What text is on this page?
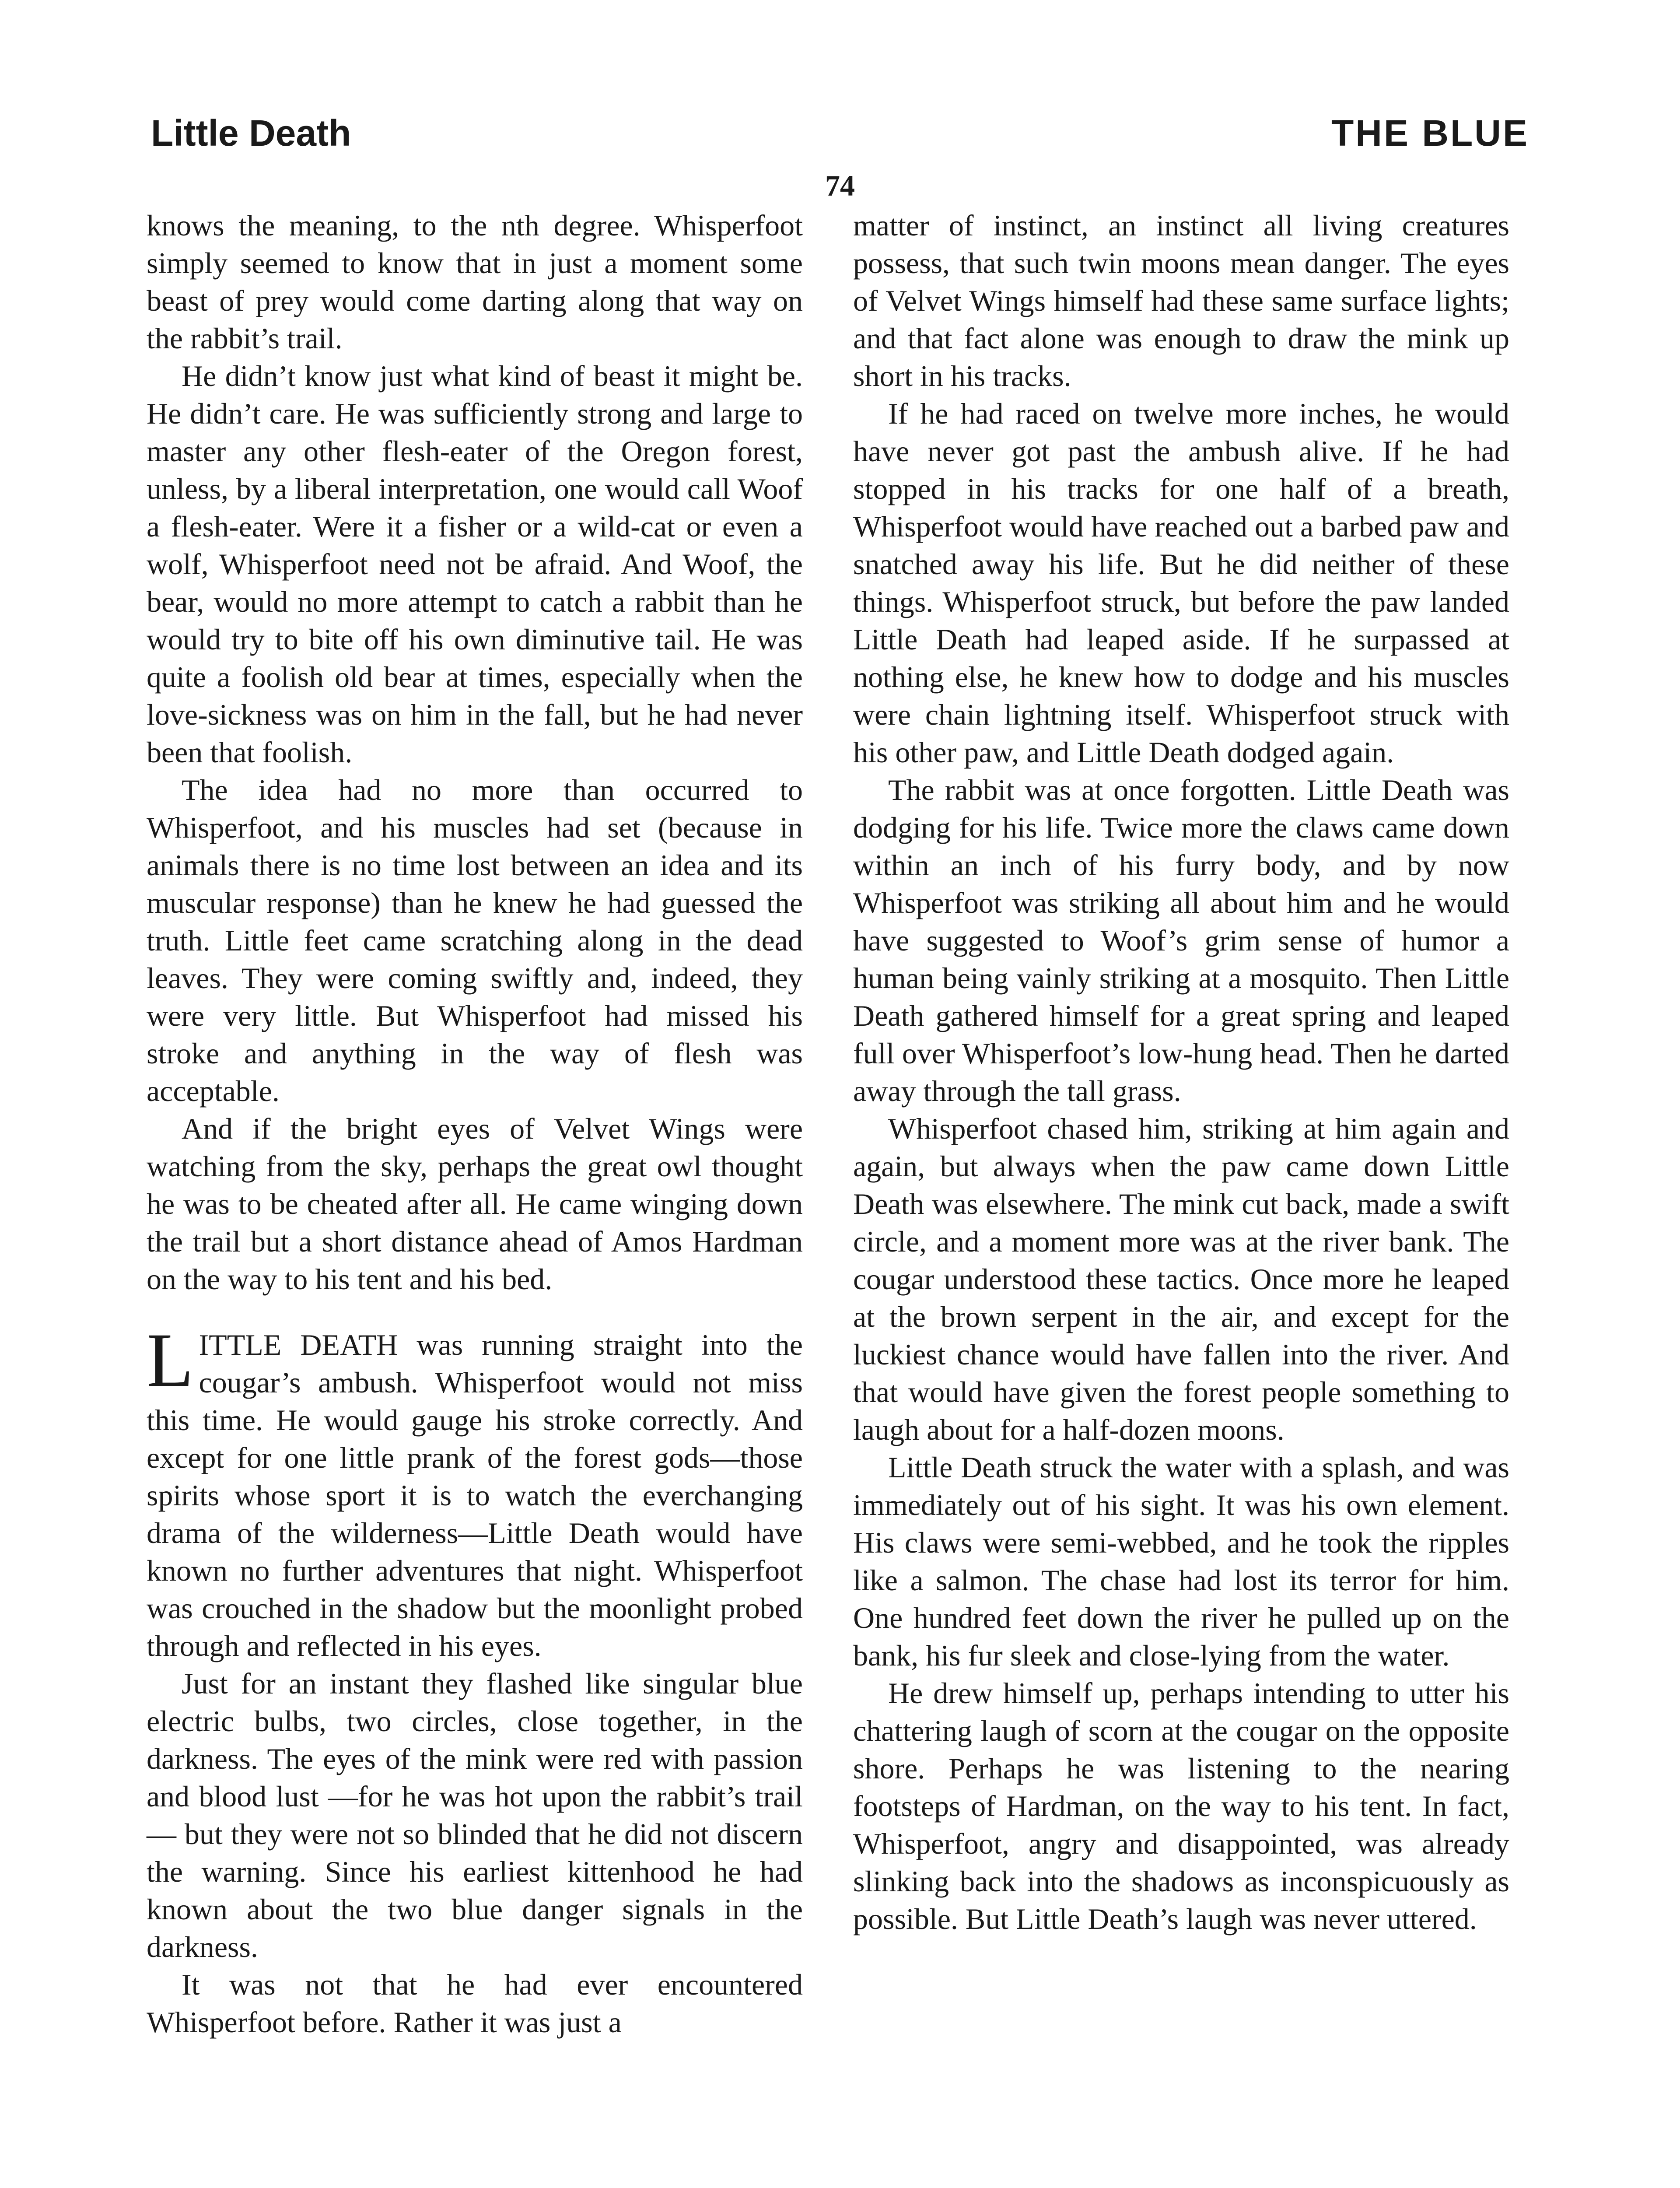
Little Death	THE BLUE
74

knows the meaning, to the nth degree. Whisperfoot simply seemed to know that in just a moment some beast of prey would come darting along that way on the rabbit’s trail.

He didn’t know just what kind of beast it might be. He didn’t care. He was sufficiently strong and large to master any other flesh-eater of the Oregon forest, unless, by a liberal interpretation, one would call Woof a flesh-eater. Were it a fisher or a wild-cat or even a wolf, Whisperfoot need not be afraid. And Woof, the bear, would no more attempt to catch a rabbit than he would try to bite off his own diminutive tail. He was quite a foolish old bear at times, especially when the love-sickness was on him in the fall, but he had never been that foolish.

The idea had no more than occurred to Whisperfoot, and his muscles had set (because in animals there is no time lost between an idea and its muscular response) than he knew he had guessed the truth. Little feet came scratching along in the dead leaves. They were coming swiftly and, indeed, they were very little. But Whisperfoot had missed his stroke and anything in the way of flesh was acceptable.

And if the bright eyes of Velvet Wings were watching from the sky, perhaps the great owl thought he was to be cheated after all. He came winging down the trail but a short distance ahead of Amos Hardman on the way to his tent and his bed.

LITTLE DEATH was running straight into the cougar’s ambush. Whisperfoot would not miss this time. He would gauge his stroke correctly. And except for one little prank of the forest gods—those spirits whose sport it is to watch the everchanging drama of the wilderness—Little Death would have known no further adventures that night. Whisperfoot was crouched in the shadow but the moonlight probed through and reflected in his eyes.

Just for an instant they flashed like singular blue electric bulbs, two circles, close together, in the darkness. The eyes of the mink were red with passion and blood lust —for he was hot upon the rabbit’s trail— but they were not so blinded that he did not discern the warning. Since his earliest kittenhood he had known about the two blue danger signals in the darkness.

It was not that he had ever encountered Whisperfoot before. Rather it was just a

matter of instinct, an instinct all living creatures possess, that such twin moons mean danger. The eyes of Velvet Wings himself had these same surface lights; and that fact alone was enough to draw the mink up short in his tracks.

If he had raced on twelve more inches, he would have never got past the ambush alive. If he had stopped in his tracks for one half of a breath, Whisperfoot would have reached out a barbed paw and snatched away his life. But he did neither of these things. Whisperfoot struck, but before the paw landed Little Death had leaped aside. If he surpassed at nothing else, he knew how to dodge and his muscles were chain lightning itself. Whisperfoot struck with his other paw, and Little Death dodged again.

The rabbit was at once forgotten. Little Death was dodging for his life. Twice more the claws came down within an inch of his furry body, and by now Whisperfoot was striking all about him and he would have suggested to Woof’s grim sense of humor a human being vainly striking at a mosquito. Then Little Death gathered himself for a great spring and leaped full over Whisperfoot’s low-hung head. Then he darted away through the tall grass.

Whisperfoot chased him, striking at him again and again, but always when the paw came down Little Death was elsewhere. The mink cut back, made a swift circle, and a moment more was at the river bank. The cougar understood these tactics. Once more he leaped at the brown serpent in the air, and except for the luckiest chance would have fallen into the river. And that would have given the forest people something to laugh about for a half-dozen moons.

Little Death struck the water with a splash, and was immediately out of his sight. It was his own element. His claws were semi-webbed, and he took the ripples like a salmon. The chase had lost its terror for him. One hundred feet down the river he pulled up on the bank, his fur sleek and close-lying from the water.

He drew himself up, perhaps intending to utter his chattering laugh of scorn at the cougar on the opposite shore. Perhaps he was listening to the nearing footsteps of Hardman, on the way to his tent. In fact, Whisperfoot, angry and disappointed, was already slinking back into the shadows as inconspicuously as possible. But Little Death’s laugh was never uttered.
